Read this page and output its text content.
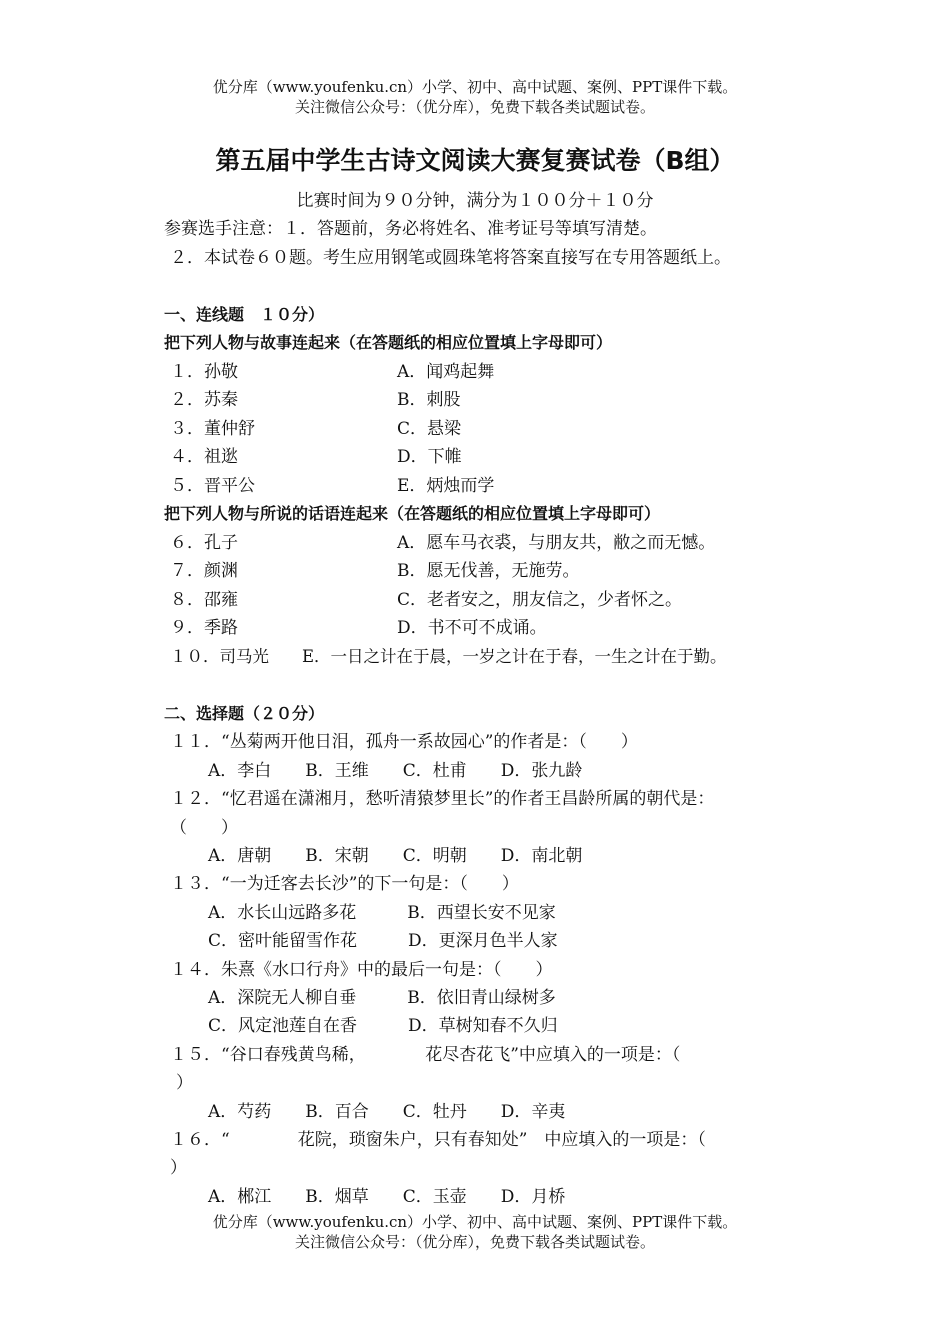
优分库（www.youfenku.cn）小学、初中、高中试题、案例、PPT课件下载。
关注微信公众号：（优分库），免费下载各类试题试卷。
第五届中学生古诗文阅读大赛复赛试卷（B组）
比赛时间为９０分钟，满分为１００分＋１０分
参赛选手注意：１．答题前，务必将姓名、准考证号等填写清楚。
２．本试卷６０题。考生应用钢笔或圆珠笔将答案直接写在专用答题纸上。
一、连线题　１０分）
把下列人物与故事连起来（在答题纸的相应位置填上字母即可）
１．孙敬	A．闻鸡起舞
２．苏秦	B．刺股
３．董仲舒	C．悬梁
４．祖逖	D．下帷
５．晋平公	E．炳烛而学
把下列人物与所说的话语连起来（在答题纸的相应位置填上字母即可）
６．孔子	A．愿车马衣裘，与朋友共，敝之而无憾。
７．颜渊	B．愿无伐善，无施劳。
８．邵雍	C．老者安之，朋友信之，少者怀之。
９．季路	D．书不可不成诵。
１０．司马光　　E．一日之计在于晨，一岁之计在于春，一生之计在于勤。
二、选择题（２０分）
１１．“丛菊两开他日泪，孤舟一系故园心”的作者是：（　　）
A．李白　　B．王维　　C．杜甫　　D．张九龄
１２．“忆君遥在潇湘月，愁听清猿梦里长”的作者王昌龄所属的朝代是：
（　　）
A．唐朝　　B．宋朝　　C．明朝　　D．南北朝
１３．“一为迁客去长沙”的下一句是：（　　）
A．水长山远路多花　　　B．西望长安不见家
C．密叶能留雪作花　　　D．更深月色半人家
１４．朱熹《水口行舟》中的最后一句是：（　　）
A．深院无人柳自垂　　　B．依旧青山绿树多
C．风定池莲自在香　　　D．草树知春不久归
１５．“谷口春残黄鸟稀，　　　　花尽杏花飞”中应填入的一项是：（
）
A．芍药　　B．百合　　C．牡丹　　D．辛夷
１６．“　　　　花院，琐窗朱户，只有春知处”　中应填入的一项是：（
）
A．郴江　　B．烟草　　C．玉壶　　D．月桥
优分库（www.youfenku.cn）小学、初中、高中试题、案例、PPT课件下载。
关注微信公众号：（优分库），免费下载各类试题试卷。
